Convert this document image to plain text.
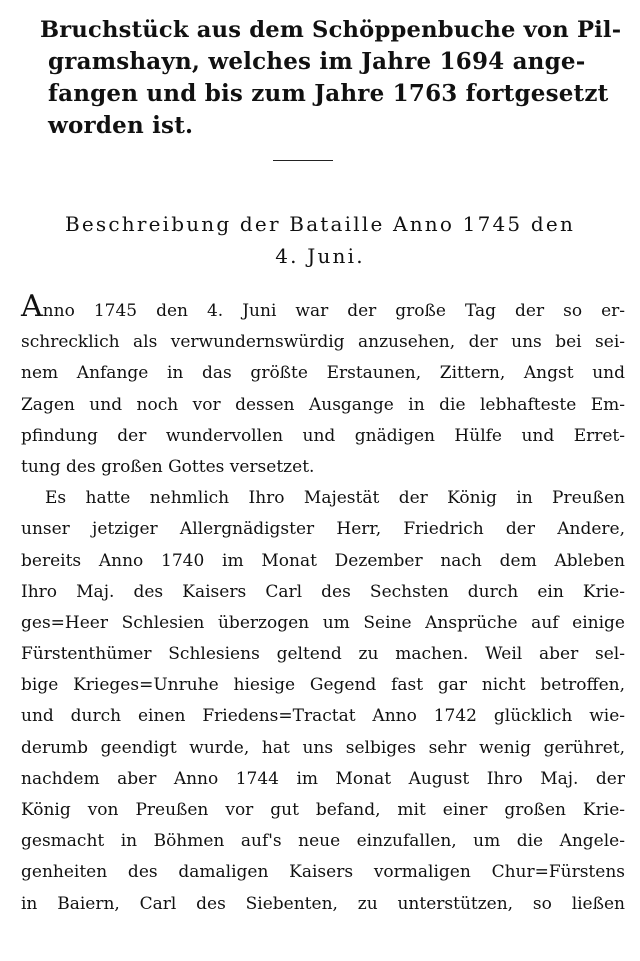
Bruchstück aus dem Schöppenbuche von Pil-
gramshayn, welches im Jahre 1694 ange-
fangen und bis zum Jahre 1763 fortgesetzt
worden ist.
Beschreibung der Bataille Anno 1745 den
4. Juni.
Anno 1745 den 4. Juni war der große Tag der so er-
schrecklich als verwundernswürdig anzusehen, der uns bei sei-
nem Anfange in das größte Erstaunen, Zittern, Angst und
Zagen und noch vor dessen Ausgange in die lebhafteste Em-
pfindung der wundervollen und gnädigen Hülfe und Erret-
tung des großen Gottes versetzet.
Es hatte nehmlich Ihro Majestät der König in Preußen
unser jetziger Allergnädigster Herr, Friedrich der Andere,
bereits Anno 1740 im Monat Dezember nach dem Ableben
Ihro Maj. des Kaisers Carl des Sechsten durch ein Krie-
ges=Heer Schlesien überzogen um Seine Ansprüche auf einige
Fürstenthümer Schlesiens geltend zu machen. Weil aber sel-
bige Krieges=Unruhe hiesige Gegend fast gar nicht betroffen,
und durch einen Friedens=Tractat Anno 1742 glücklich wie-
derumb geendigt wurde, hat uns selbiges sehr wenig gerühret,
nachdem aber Anno 1744 im Monat August Ihro Maj. der
König von Preußen vor gut befand, mit einer großen Krie-
gesmacht in Böhmen auf's neue einzufallen, um die Angele-
genheiten des damaligen Kaisers vormaligen Chur=Fürstens
in Baiern, Carl des Siebenten, zu unterstützen, so ließen
